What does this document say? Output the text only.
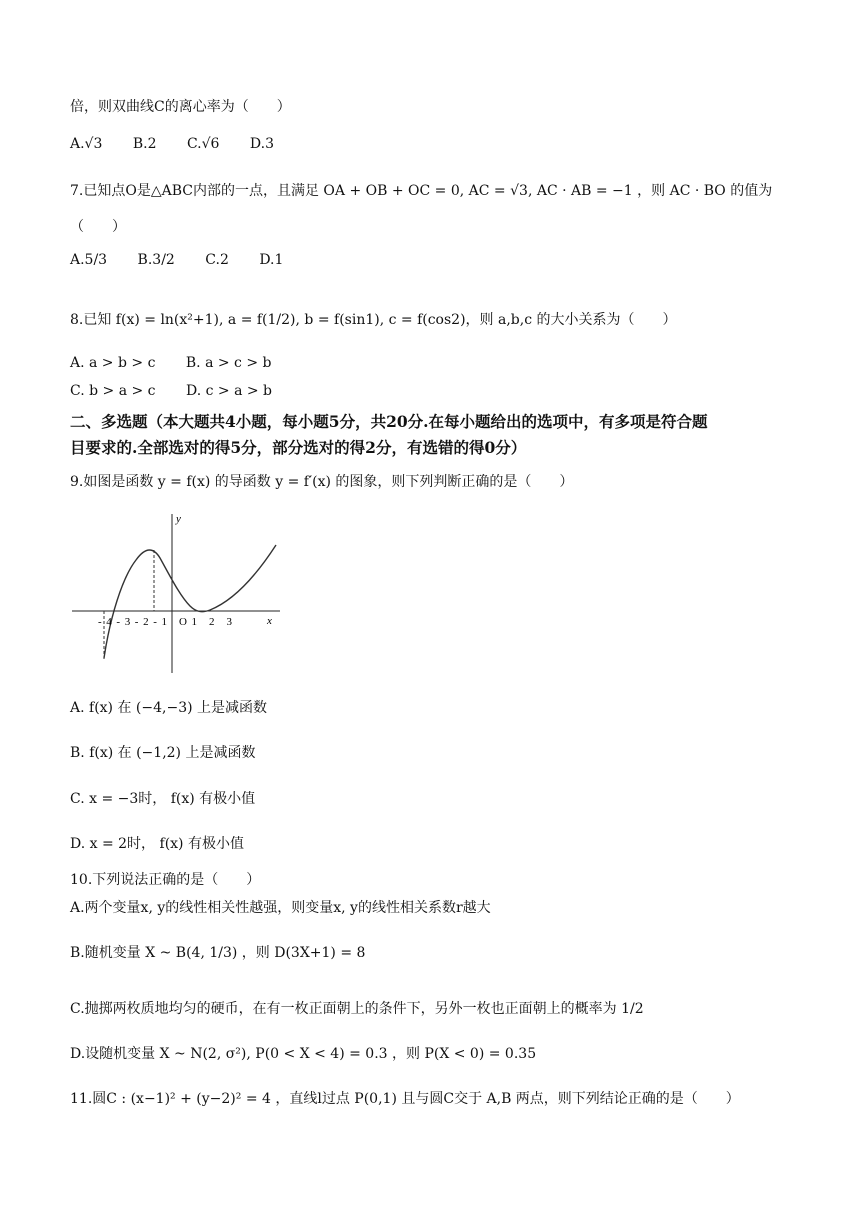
倍，则双曲线C的离心率为（　　）
A.√3 B.2 C.√6 D.3
7.已知点O是△ABC内部的一点，且满足 OA + OB + OC = 0, AC = √3, AC · AB = −1 ，则 AC · BO 的值为
（　　）
A.5/3 B.3/2 C.2 D.1
8.已知 f(x) = ln(x²+1), a = f(1/2), b = f(sin1), c = f(cos2)，则 a,b,c 的大小关系为（　　）
A. a > b > c B. a > c > b
C. b > a > c D. c > a > b
二、多选题（本大题共4小题，每小题5分，共20分.在每小题给出的选项中，有多项是符合题
目要求的.全部选对的得5分，部分选对的得2分，有选错的得0分）
9.如图是函数 y = f(x) 的导函数 y = f′(x) 的图象，则下列判断正确的是（　　）
y
x
-4-3-2-1 O1 2 3
A. f(x) 在 (−4,−3) 上是减函数
B. f(x) 在 (−1,2) 上是减函数
C. x = −3时， f(x) 有极小值
D. x = 2时， f(x) 有极小值
10.下列说法正确的是（　　）
A.两个变量x, y的线性相关性越强，则变量x, y的线性相关系数r越大
B.随机变量 X ~ B(4, 1/3) ，则 D(3X+1) = 8
C.抛掷两枚质地均匀的硬币，在有一枚正面朝上的条件下，另外一枚也正面朝上的概率为 1/2
D.设随机变量 X ~ N(2, σ²), P(0 < X < 4) = 0.3 ，则 P(X < 0) = 0.35
11.圆C : (x−1)² + (y−2)² = 4 ，直线l过点 P(0,1) 且与圆C交于 A,B 两点，则下列结论正确的是（　　）
